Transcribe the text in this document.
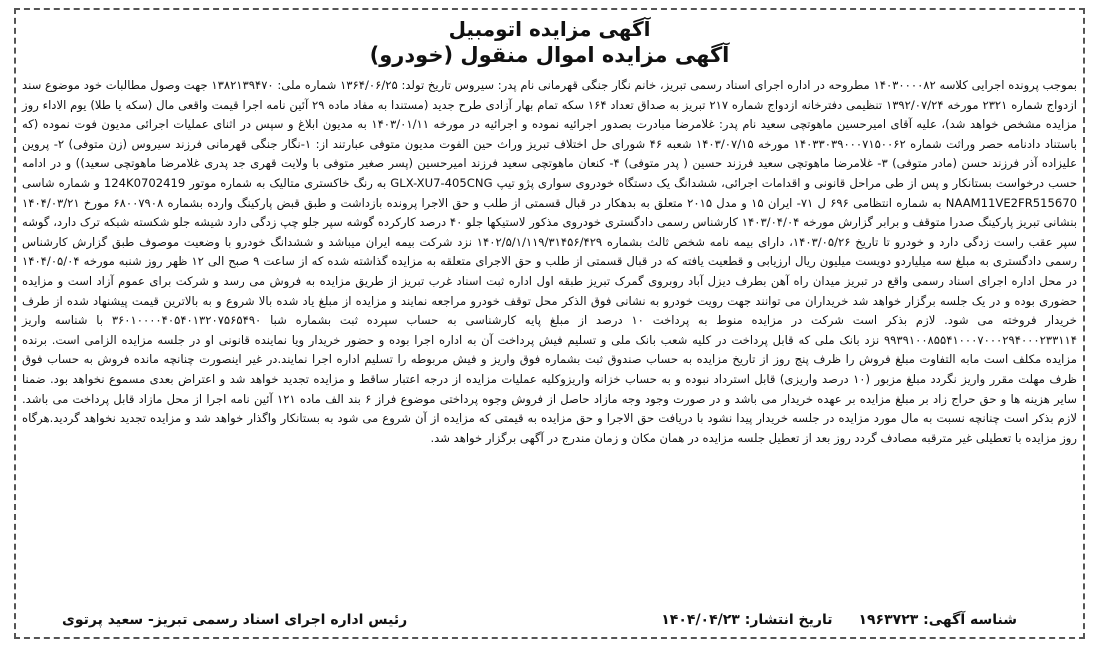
آگهی مزایده اتومبیل
آگهی مزایده اموال منقول (خودرو)

بموجب پرونده اجرایی کلاسه ۱۴۰۳۰۰۰۰۸۲ مطروحه در اداره اجرای اسناد رسمی تبریز، خانم نگار جنگی قهرمانی نام پدر: سیروس تاریخ تولد: ۱۳۶۴/۰۶/۲۵ شماره ملی: ۱۳۸۲۱۳۹۴۷۰ جهت وصول مطالبات خود موضوع سند ازدواج شماره ۲۳۲۱ مورخه ۱۳۹۲/۰۷/۲۴ تنظیمی دفترخانه ازدواج شماره ۲۱۷ تبریز به صداق تعداد ۱۶۴ سکه تمام بهار آزادی طرح جدید (مستندا به مفاد ماده ۲۹ آئین نامه اجرا قیمت واقعی مال (سکه یا طلا) یوم الاداء روز مزایده مشخص خواهد شد)، علیه آقای امیرحسین ماهوتچی سعید نام پدر: غلامرضا مبادرت بصدور اجرائیه نموده و اجرائیه در مورخه ۱۴۰۳/۰۱/۱۱ به مدیون ابلاغ و سپس در اثنای عملیات اجرائی مدیون فوت نموده (که باستناد دادنامه حصر وراثت شماره ۱۴۰۳۳۰۳۹۰۰۰۷۱۵۰۰۶۲ مورخه ۱۴۰۳/۰۷/۱۵ شعبه ۴۶ شورای حل اختلاف تبریز وراث حین الفوت مدیون متوفی عبارتند از: ۱-نگار جنگی قهرمانی فرزند سیروس (زن متوفی) ۲- پروین علیزاده آذر فرزند حسن (مادر متوفی) ۳- غلامرضا ماهوتچی سعید فرزند حسین ( پدر متوفی) ۴- کنعان ماهوتچی سعید فرزند امیرحسین (پسر صغیر متوفی با ولایت قهری جد پدری غلامرضا ماهوتچی سعید)) و در ادامه حسب درخواست بستانکار و پس از طی مراحل قانونی و اقدامات اجرائی، ششدانگ یک دستگاه خودروی سواری پژو تیپ GLX-XU7-405CNG به رنگ خاکستری متالیک به شماره موتور 124K0702419 و شماره شاسی NAAM11VE2FR515670 به شماره انتظامی ۶۹۶ ل ۷۱- ایران ۱۵ و مدل ۲۰۱۵ متعلق به بدهکار در قبال قسمتی از طلب و حق الاجرا پرونده بازداشت و طبق قبض پارکینگ وارده بشماره ۶۸۰۰۷۹۰۸ مورخ ۱۴۰۴/۰۳/۲۱ بنشانی تبریز پارکینگ صدرا متوقف و برابر گزارش مورخه ۱۴۰۳/۰۴/۰۴ کارشناس رسمی دادگستری خودروی مذکور لاستیکها جلو ۴۰ درصد کارکرده گوشه سپر جلو چپ زدگی دارد شیشه جلو شکسته شبکه ترک دارد، گوشه سپر عقب راست زدگی دارد و خودرو تا تاریخ ۱۴۰۳/۰۵/۲۶، دارای بیمه نامه شخص ثالث بشماره ۱۴۰۲/۵/۱/۱۱۹/۳۱۴۵۶/۴۲۹ نزد شرکت بیمه ایران میباشد و ششدانگ خودرو با وضعیت موصوف طبق گزارش کارشناس رسمی دادگستری به مبلغ سه میلیاردو دویست میلیون ریال ارزیابی و قطعیت یافته که در قبال قسمتی از طلب و حق الاجرای متعلقه به مزایده گذاشته شده که از ساعت ۹ صبح الی ۱۲ ظهر روز شنبه مورخه ۱۴۰۴/۰۵/۰۴ در محل اداره اجرای اسناد رسمی واقع در تبریز میدان راه آهن بطرف دیزل آباد روبروی گمرک تبریز طبقه اول اداره ثبت اسناد غرب تبریز از طریق مزایده به فروش می رسد و شرکت برای عموم آزاد است و مزایده حضوری بوده و در یک جلسه برگزار خواهد شد خریداران می توانند جهت رویت خودرو به نشانی فوق الذکر محل توقف خودرو مراجعه نمایند و مزایده از مبلغ یاد شده بالا شروع و به بالاترین قیمت پیشنهاد شده از طرف خریدار فروخته می شود. لازم بذکر است شرکت در مزایده منوط به پرداخت ۱۰ درصد از مبلغ پایه کارشناسی به حساب سپرده ثبت بشماره شبا ۳۶۰۱۰۰۰۰۴۰۵۴۰۱۳۲۰۷۵۶۵۴۹۰ با شناسه واریز ۹۹۳۹۱۰۰۸۵۵۴۱۰۰۰۷۰۰۰۲۹۴۰۰۰۲۳۳۱۱۴ نزد بانک ملی که قابل پرداخت در کلیه شعب بانک ملی و تسلیم فیش پرداخت آن به اداره اجرا بوده و حضور خریدار ویا نماینده قانونی او در جلسه مزایده الزامی است. برنده مزایده مکلف است مابه التفاوت مبلغ فروش را ظرف پنج روز از تاریخ مزایده به حساب صندوق ثبت بشماره فوق واریز و فیش مربوطه را تسلیم اداره اجرا نمایند.در غیر اینصورت چنانچه مانده فروش به حساب فوق ظرف مهلت مقرر واریز نگردد مبلغ مزبور (۱۰ درصد واریزی) قابل استرداد نبوده و به حساب خزانه واریزوکلیه عملیات مزایده از درجه اعتبار ساقط و مزایده تجدید خواهد شد و اعتراض بعدی مسموع نخواهد بود. ضمنا سایر هزینه ها و حق حراج زاد بر مبلغ مزایده بر عهده خریدار می باشد و در صورت وجود وجه مازاد حاصل از فروش وجوه پرداختی موضوع فراز ۶ بند الف ماده ۱۲۱ آئین نامه اجرا از محل مازاد قابل پرداخت می باشد. لازم بذکر است چنانچه نسبت به مال مورد مزایده در جلسه خریدار پیدا نشود با دریافت حق الاجرا و حق مزایده به قیمتی که مزایده از آن شروع می شود به بستانکار واگذار خواهد شد و مزایده تجدید نخواهد گردید.هرگاه روز مزایده با تعطیلی غیر مترقبه مصادف گردد روز بعد از تعطیل جلسه مزایده در همان مکان و زمان مندرج در آگهی برگزار خواهد شد.

شناسه آگهی: ۱۹۶۳۷۲۳
تاریخ انتشار: ۱۴۰۴/۰۴/۲۳
رئیس اداره اجرای اسناد رسمی تبریز- سعید پرتوی
